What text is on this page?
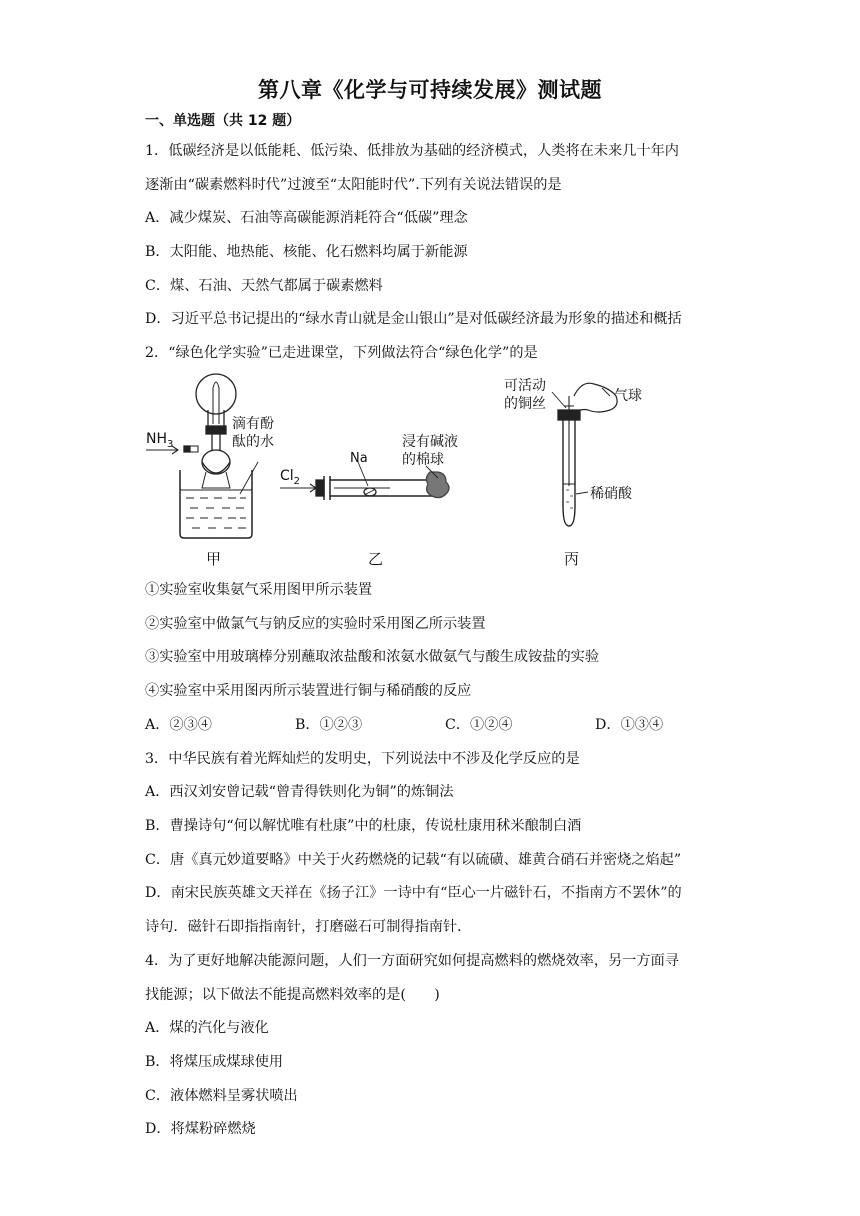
第八章《化学与可持续发展》测试题
一、单选题（共 12 题）
1．低碳经济是以低能耗、低污染、低排放为基础的经济模式，人类将在未来几十年内
逐渐由“碳素燃料时代”过渡至“太阳能时代”.下列有关说法错误的是
A．减少煤炭、石油等高碳能源消耗符合“低碳”理念
B．太阳能、地热能、核能、化石燃料均属于新能源
C．煤、石油、天然气都属于碳素燃料
D．习近平总书记提出的“绿水青山就是金山银山”是对低碳经济最为形象的描述和概括
2．“绿色化学实验”已走进课堂，下列做法符合“绿色化学”的是
$NH_3$
滴有酚
酞的水
$Cl_2$
Na
浸有碱液
的棉球
可活动
的铜丝	气球
稀硝酸
甲	乙	丙
①实验室收集氨气采用图甲所示装置
②实验室中做氯气与钠反应的实验时采用图乙所示装置
③实验室中用玻璃棒分别蘸取浓盐酸和浓氨水做氨气与酸生成铵盐的实验
④实验室中采用图丙所示装置进行铜与稀硝酸的反应
A．②③④	B．①②③	C．①②④	D．①③④
3．中华民族有着光辉灿烂的发明史，下列说法中不涉及化学反应的是
A．西汉刘安曾记载“曾青得铁则化为铜”的炼铜法
B．曹操诗句“何以解忧唯有杜康”中的杜康，传说杜康用秫米酿制白酒
C．唐《真元妙道要略》中关于火药燃烧的记载“有以硫磺、雄黄合硝石并密烧之焰起”
D．南宋民族英雄文天祥在《扬子江》一诗中有“臣心一片磁针石，不指南方不罢休”的
诗句．磁针石即指指南针，打磨磁石可制得指南针．
4．为了更好地解决能源问题，人们一方面研究如何提高燃料的燃烧效率，另一方面寻
找能源；以下做法不能提高燃料效率的是(　　)
A．煤的汽化与液化
B．将煤压成煤球使用
C．液体燃料呈雾状喷出
D．将煤粉碎燃烧
